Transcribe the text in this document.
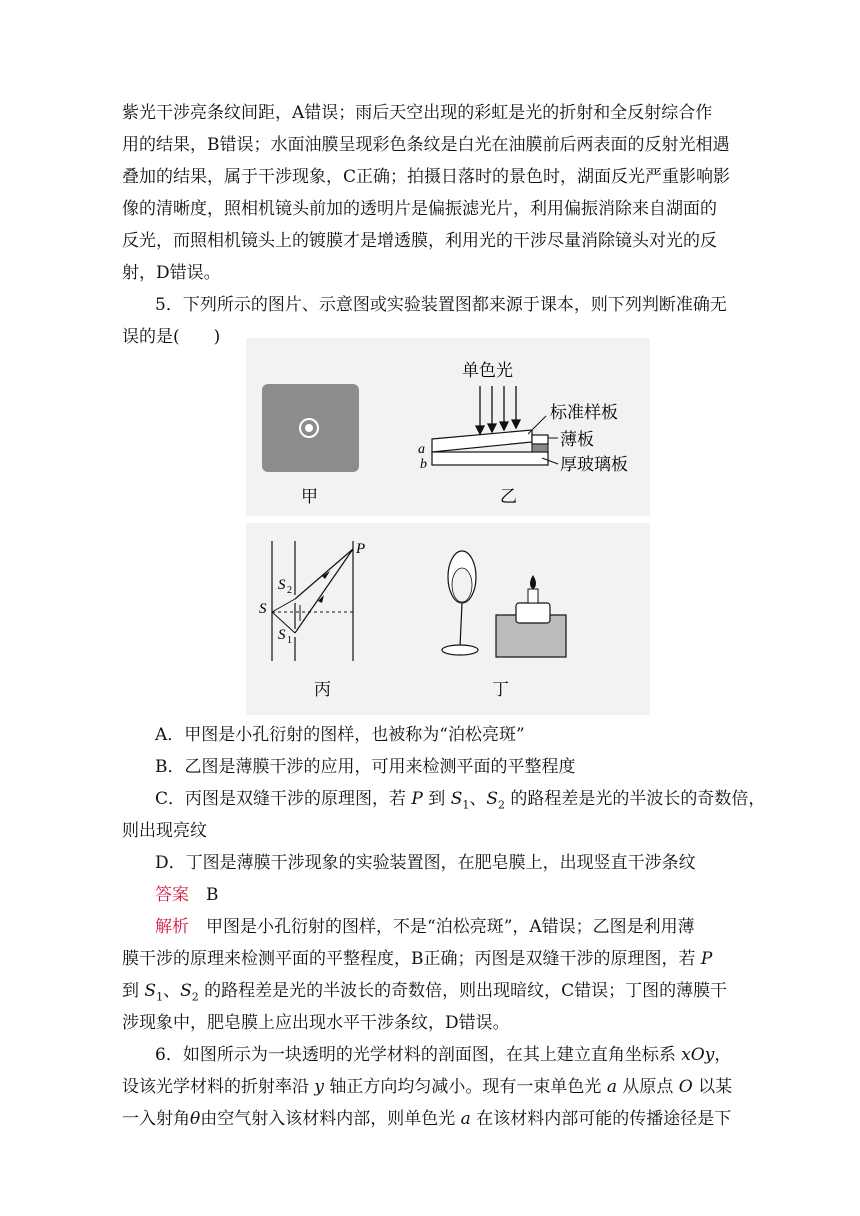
紫光干涉亮条纹间距，A错误；雨后天空出现的彩虹是光的折射和全反射综合作
用的结果，B错误；水面油膜呈现彩色条纹是白光在油膜前后两表面的反射光相遇
叠加的结果，属于干涉现象，C正确；拍摄日落时的景色时，湖面反光严重影响影
像的清晰度，照相机镜头前加的透明片是偏振滤光片，利用偏振消除来自湖面的
反光，而照相机镜头上的镀膜才是增透膜，利用光的干涉尽量消除镜头对光的反
射，D错误。
5．下列所示的图片、示意图或实验装置图都来源于课本，则下列判断准确无
误的是(　　)
单色光
标准样板
薄板
厚玻璃板
a
b
甲	乙
P
S
S 2
S 1
丙	丁
A．甲图是小孔衍射的图样，也被称为“泊松亮斑”
B．乙图是薄膜干涉的应用，可用来检测平面的平整程度
C．丙图是双缝干涉的原理图，若 P 到 $S_1$、$S_2$ 的路程差是光的半波长的奇数倍，
则出现亮纹
D．丁图是薄膜干涉现象的实验装置图，在肥皂膜上，出现竖直干涉条纹
答案　 B
解析　 甲图是小孔衍射的图样，不是“泊松亮斑”，A错误；乙图是利用薄
膜干涉的原理来检测平面的平整程度，B正确；丙图是双缝干涉的原理图，若 P
到 $S_1$、$S_2$ 的路程差是光的半波长的奇数倍，则出现暗纹，C错误；丁图的薄膜干
涉现象中，肥皂膜上应出现水平干涉条纹，D错误。
6．如图所示为一块透明的光学材料的剖面图，在其上建立直角坐标系 xOy，
设该光学材料的折射率沿 y 轴正方向均匀减小。现有一束单色光 a 从原点 O 以某
一入射角θ由空气射入该材料内部，则单色光 a 在该材料内部可能的传播途径是下
